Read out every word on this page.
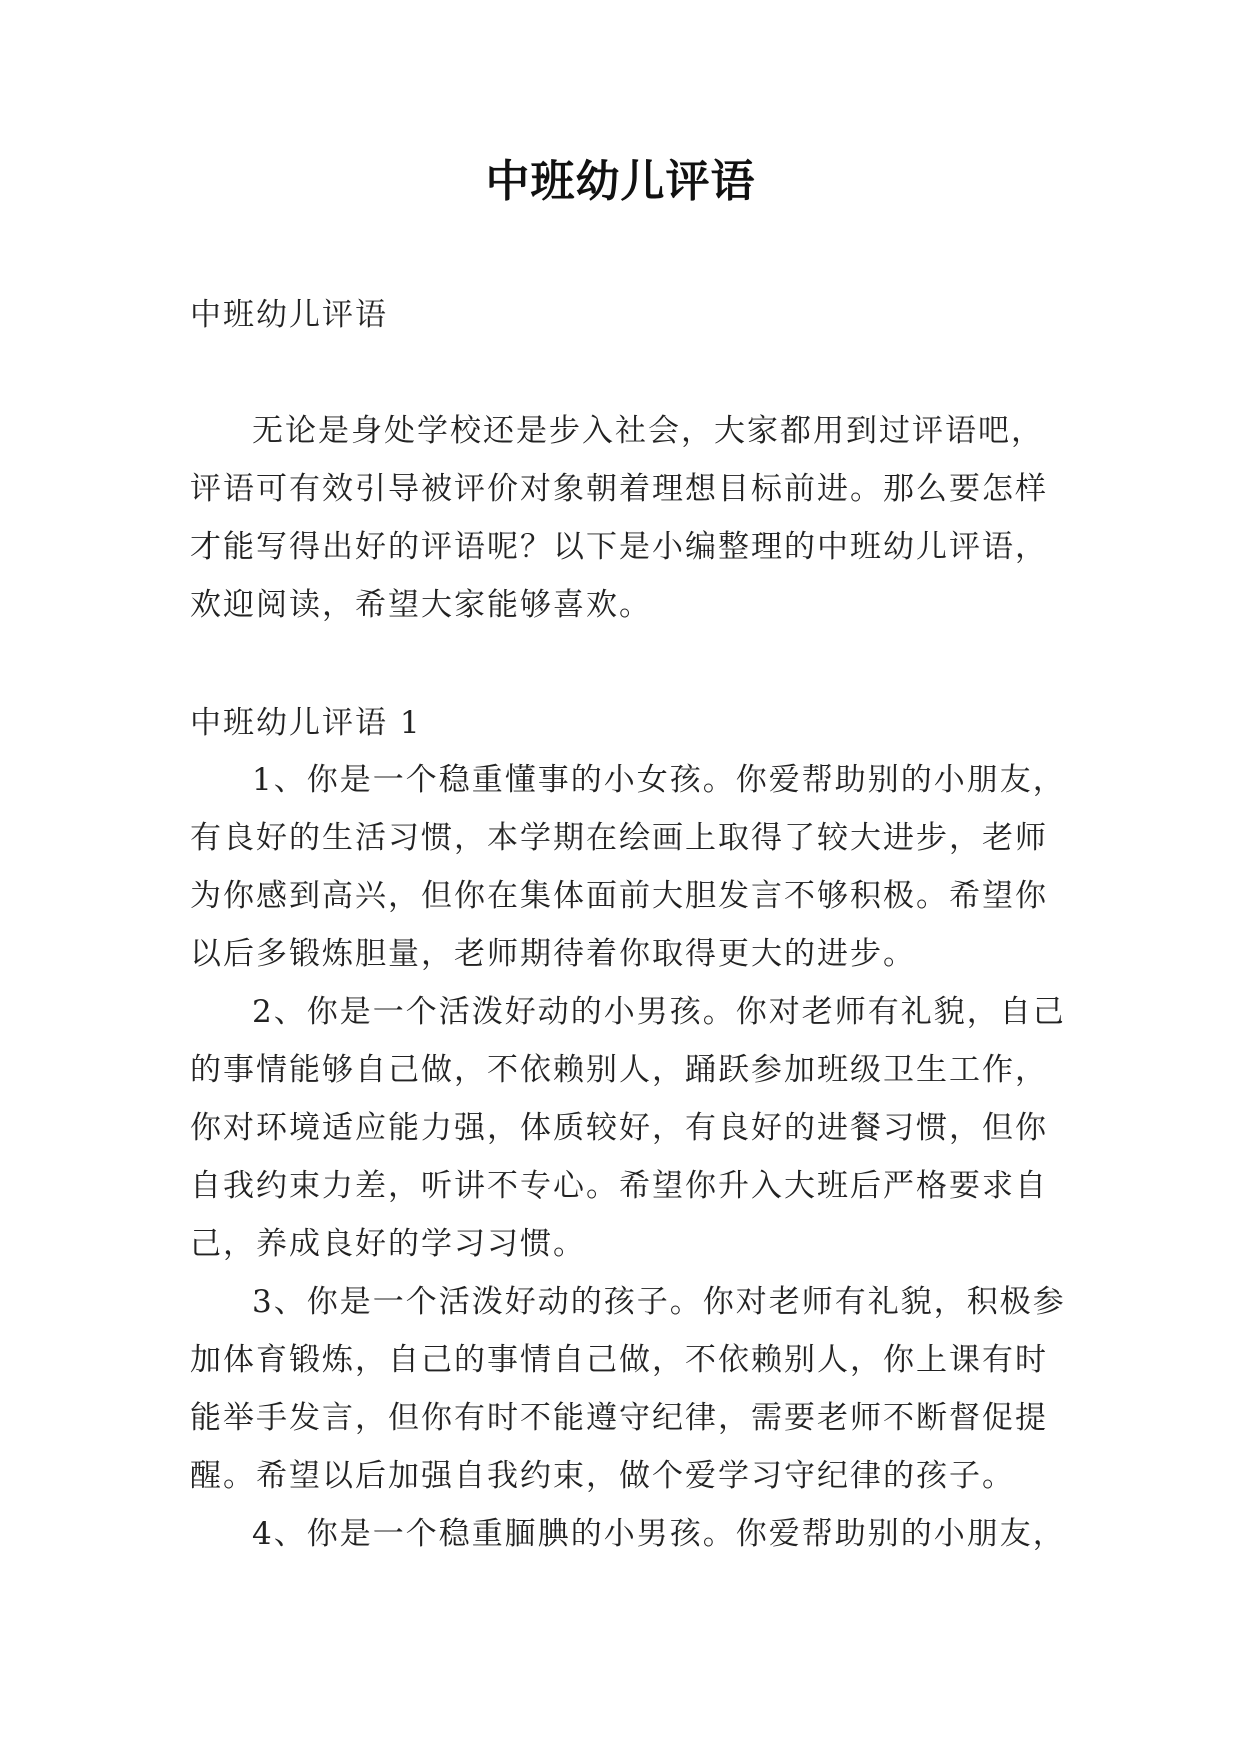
中班幼儿评语

中班幼儿评语

无论是身处学校还是步入社会，大家都用到过评语吧，评语可有效引导被评价对象朝着理想目标前进。那么要怎样才能写得出好的评语呢？以下是小编整理的中班幼儿评语，欢迎阅读，希望大家能够喜欢。

中班幼儿评语 1

1、你是一个稳重懂事的小女孩。你爱帮助别的小朋友，有良好的生活习惯，本学期在绘画上取得了较大进步，老师为你感到高兴，但你在集体面前大胆发言不够积极。希望你以后多锻炼胆量，老师期待着你取得更大的进步。

2、你是一个活泼好动的小男孩。你对老师有礼貌，自己的事情能够自己做，不依赖别人，踊跃参加班级卫生工作，你对环境适应能力强，体质较好，有良好的进餐习惯，但你自我约束力差，听讲不专心。希望你升入大班后严格要求自己，养成良好的学习习惯。

3、你是一个活泼好动的孩子。你对老师有礼貌，积极参加体育锻炼，自己的事情自己做，不依赖别人，你上课有时能举手发言，但你有时不能遵守纪律，需要老师不断督促提醒。希望以后加强自我约束，做个爱学习守纪律的孩子。

4、你是一个稳重腼腆的小男孩。你爱帮助别的小朋友，
